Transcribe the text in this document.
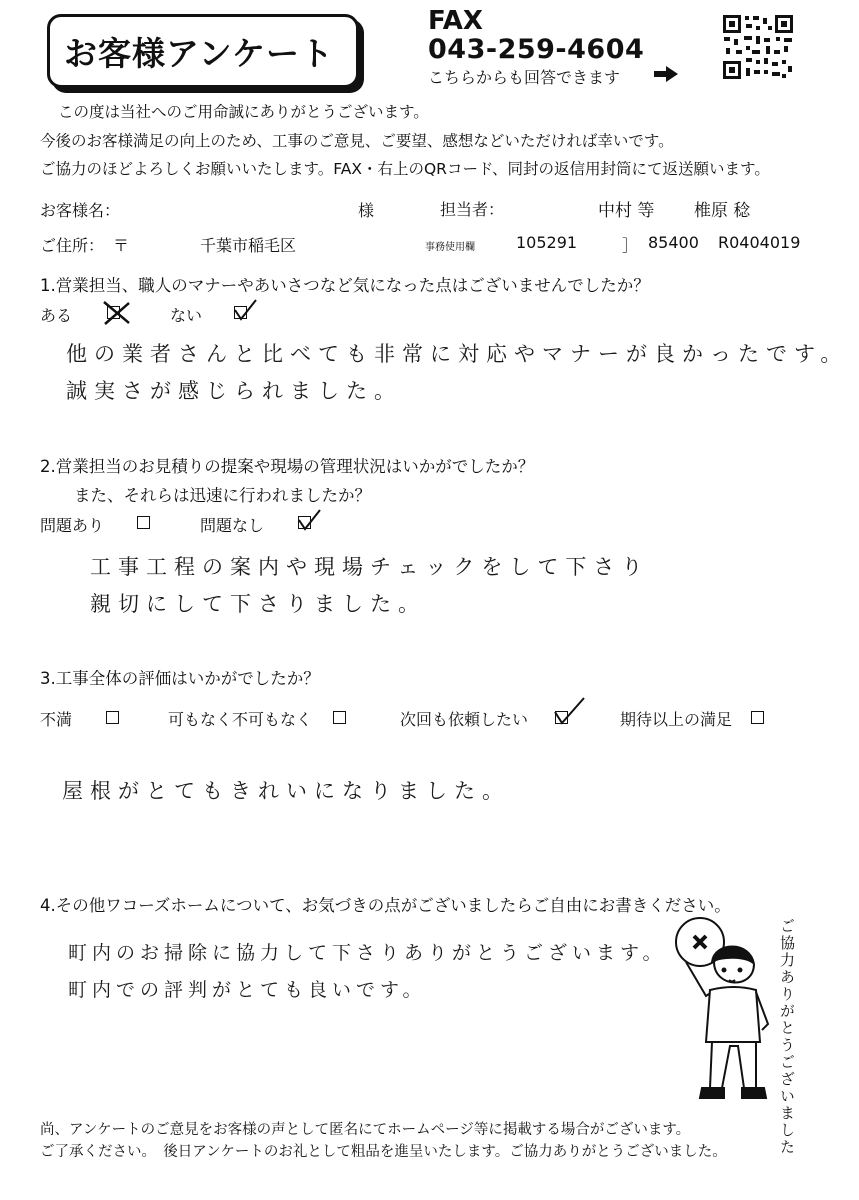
お客様アンケート
FAX
043-259-4604
こちらからも回答できます
この度は当社へのご用命誠にありがとうございます。
今後のお客様満足の向上のため、工事のご意見、ご要望、感想などいただければ幸いです。
ご協力のほどよろしくお願いいたします。FAX・右上のQRコード、同封の返信用封筒にて返送願います。
お客様名：	様	担当者：	中村 等 椎原 稔
ご住所： 〒	千葉市稲毛区	事務使用欄	105291	］ 85400 R0404019
1.営業担当、職人のマナーやあいさつなど気になった点はございませんでしたか？
ある	ない
他の業者さんと比べても非常に対応やマナーが良かったです。
誠実さが感じられました。
2.営業担当のお見積りの提案や現場の管理状況はいかがでしたか？
また、それらは迅速に行われましたか？
問題あり	問題なし
工事工程の案内や現場チェックをして下さり
親切にして下さりました。
3.工事全体の評価はいかがでしたか？
不満	可もなく不可もなく	次回も依頼したい	期待以上の満足
屋根がとてもきれいになりました。
4.その他ワコーズホームについて、お気づきの点がございましたらご自由にお書きください。
町内のお掃除に協力して下さりありがとうございます。
町内での評判がとても良いです。	ご協力ありがとうございました
尚、アンケートのご意見をお客様の声として匿名にてホームページ等に掲載する場合がございます。
ご了承ください。　後日アンケートのお礼として粗品を進呈いたします。ご協力ありがとうございました。
